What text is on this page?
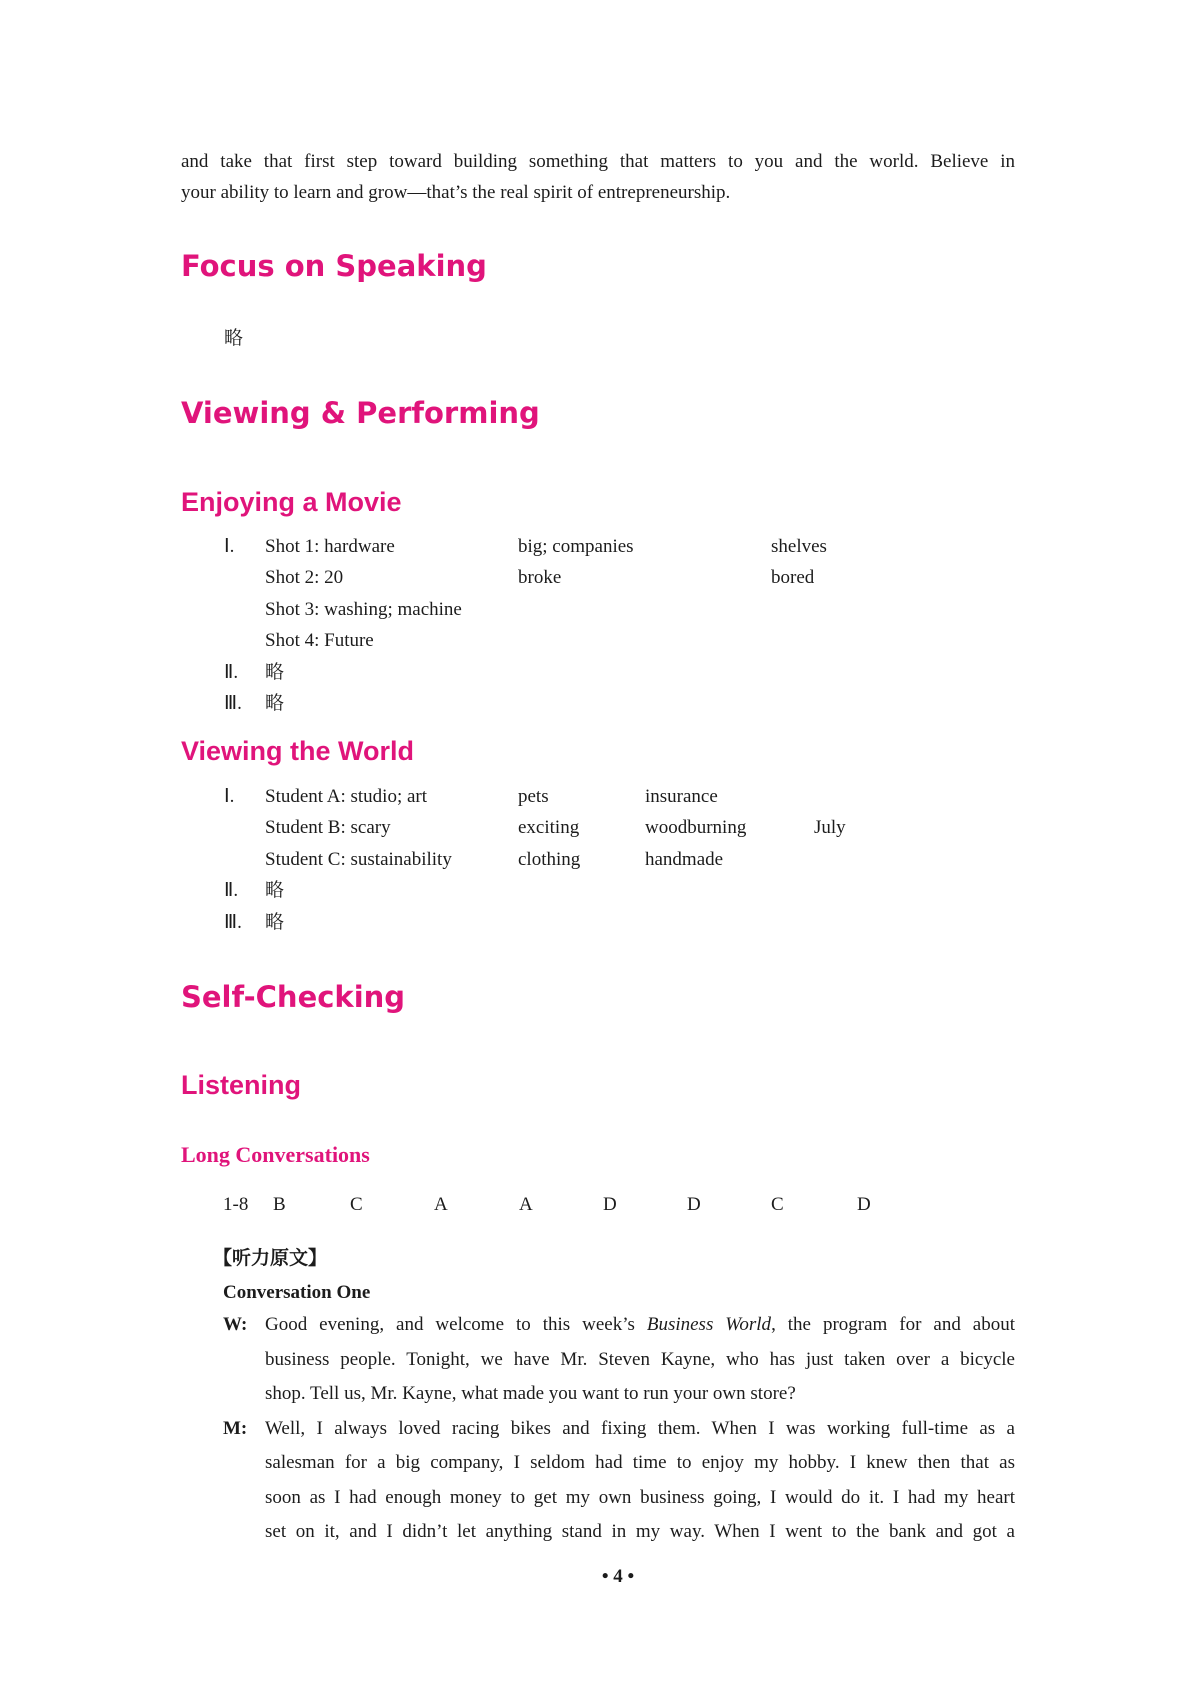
and take that first step toward building something that matters to you and the world. Believe in
your ability to learn and grow—that’s the real spirit of entrepreneurship.
Focus on Speaking
略
Viewing & Performing
Enjoying a Movie
Ⅰ. Shot 1: hardware	big; companies	shelves
Shot 2: 20	broke	bored
Shot 3: washing; machine
Shot 4: Future
Ⅱ. 略
Ⅲ. 略
Viewing the World
Ⅰ. Student A: studio; art	pets	insurance
Student B: scary	exciting	woodburning	July
Student C: sustainability	clothing	handmade
Ⅱ. 略
Ⅲ. 略
Self-Checking
Listening
Long Conversations
1-8 B	C	A	A	D	D	C	D
【听力原文】
Conversation One
W: Good evening, and welcome to this week’s Business World, the program for and about
business people. Tonight, we have Mr. Steven Kayne, who has just taken over a bicycle
shop. Tell us, Mr. Kayne, what made you want to run your own store?
M: Well, I always loved racing bikes and fixing them. When I was working full-time as a
salesman for a big company, I seldom had time to enjoy my hobby. I knew then that as
soon as I had enough money to get my own business going, I would do it. I had my heart
set on it, and I didn’t let anything stand in my way. When I went to the bank and got a
• 4 •
